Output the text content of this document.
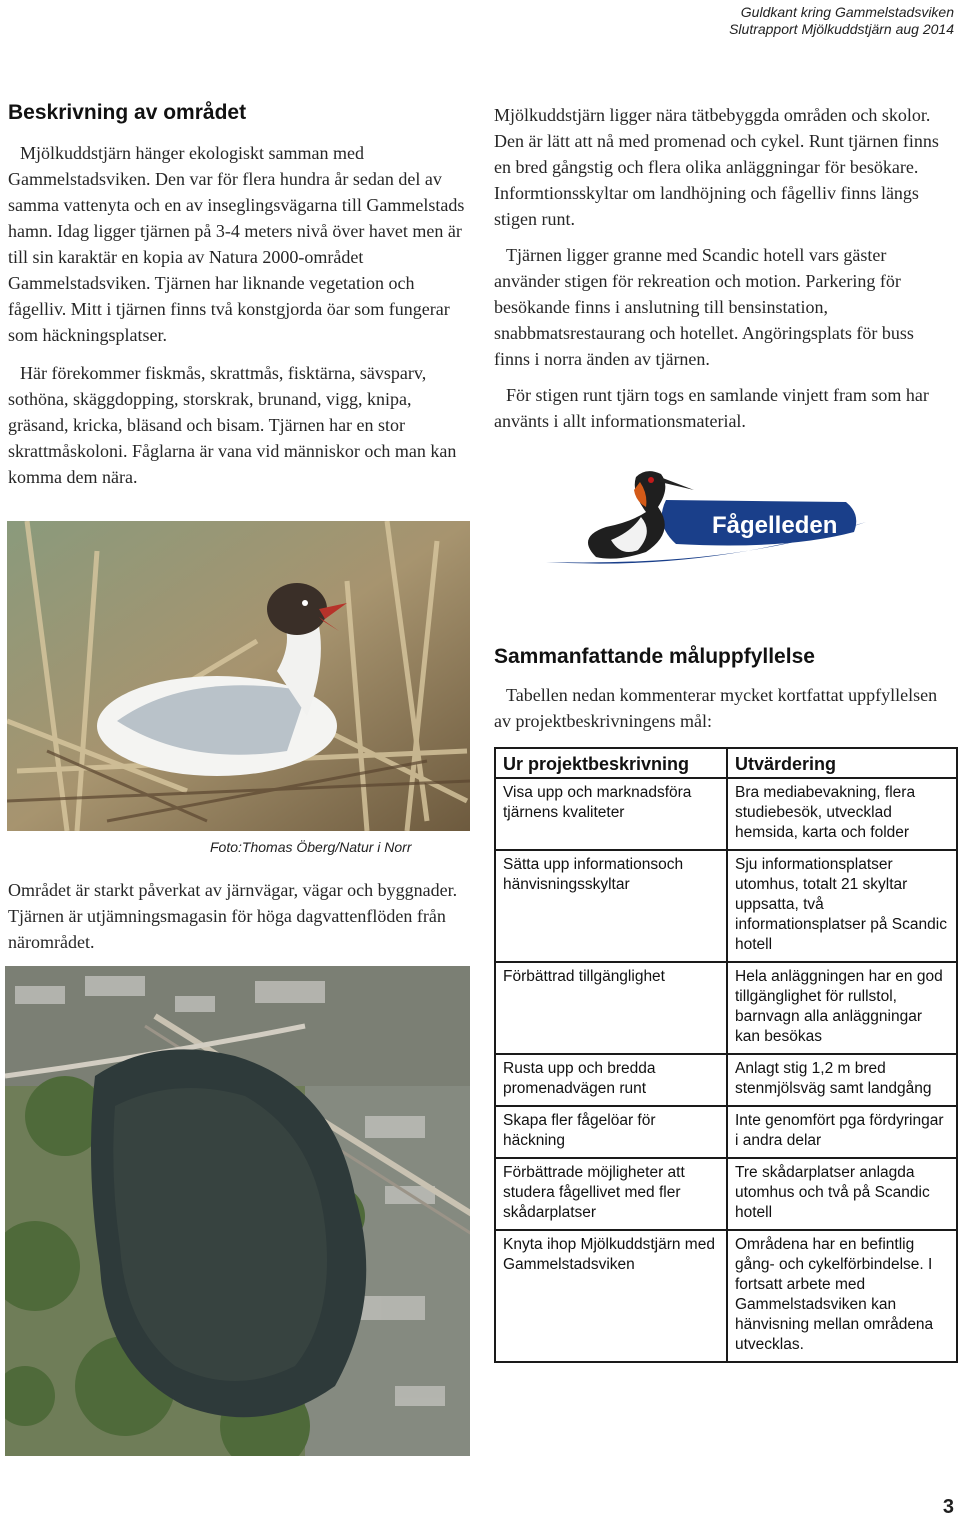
Guldkant kring Gammelstadsviken
Slutrapport Mjölkuddstjärn aug 2014
Beskrivning av området

Mjölkuddstjärn hänger ekologiskt samman med Gammelstadsviken. Den var för flera hundra år sedan del av samma vattenyta och en av inseglingsvägarna till Gammelstads hamn. Idag ligger tjärnen på 3-4 meters nivå över havet men är till sin karaktär en kopia av Natura 2000-området Gammelstadsviken. Tjärnen har liknande vegetation och fågelliv. Mitt i tjärnen finns två konstgjorda öar som fungerar som häckningsplatser.

Här förekommer fiskmås, skrattmås, fisktärna, sävsparv, sothöna, skäggdopping, storskrak, brunand, vigg, knipa, gräsand, kricka, bläsand och bisam. Tjärnen har en stor skrattmåskoloni. Fåglarna är vana vid människor och man kan komma dem nära.

Foto:Thomas Öberg/Natur i Norr

Området är starkt påverkat av järnvägar, vägar och byggnader. Tjärnen är utjämningsmagasin för höga dagvattenflöden från närområdet.

Mjölkuddstjärn ligger nära tätbebyggda områden och skolor. Den är lätt att nå med promenad och cykel. Runt tjärnen finns en bred gångstig och flera olika anläggningar för besökare. Informtionsskyltar om landhöjning och fågelliv finns längs stigen runt.

Tjärnen ligger granne med Scandic hotell vars gäster använder stigen för rekreation och motion. Parkering för besökande finns i anslutning till bensinstation, snabbmatsrestaurang och hotellet. Angöringsplats för buss finns i norra änden av tjärnen.

För stigen runt tjärn togs en samlande vinjett fram som har använts i allt informationsmaterial.

Fågelleden
Sammanfattande måluppfyllelse

Tabellen nedan kommenterar mycket kortfattat uppfyllelsen av projektbeskrivningens mål:

Ur projektbeskrivning	Utvärdering
Visa upp och marknadsföra tjärnens kvaliteter	Bra mediabevakning, flera studiebesök, utvecklad hemsida, karta och folder
Sätta upp informationsoch hänvisningsskyltar	Sju informationsplatser utomhus, totalt 21 skyltar uppsatta, två informationsplatser på Scandic hotell
Förbättrad tillgänglighet	Hela anläggningen har en god tillgänglighet för rullstol, barnvagn alla anläggningar kan besökas
Rusta upp och bredda promenadvägen runt	Anlagt stig 1,2 m bred stenmjölsväg samt landgång
Skapa fler fågelöar för häckning	Inte genomfört pga fördyringar i andra delar
Förbättrade möjligheter att studera fågellivet med fler skådarplatser	Tre skådarplatser anlagda utomhus och två på Scandic hotell
Knyta ihop Mjölkuddstjärn med Gammelstadsviken	Områdena har en befintlig gång- och cykelförbindelse. I fortsatt arbete med Gammelstadsviken kan hänvisning mellan områdena utvecklas.
3
